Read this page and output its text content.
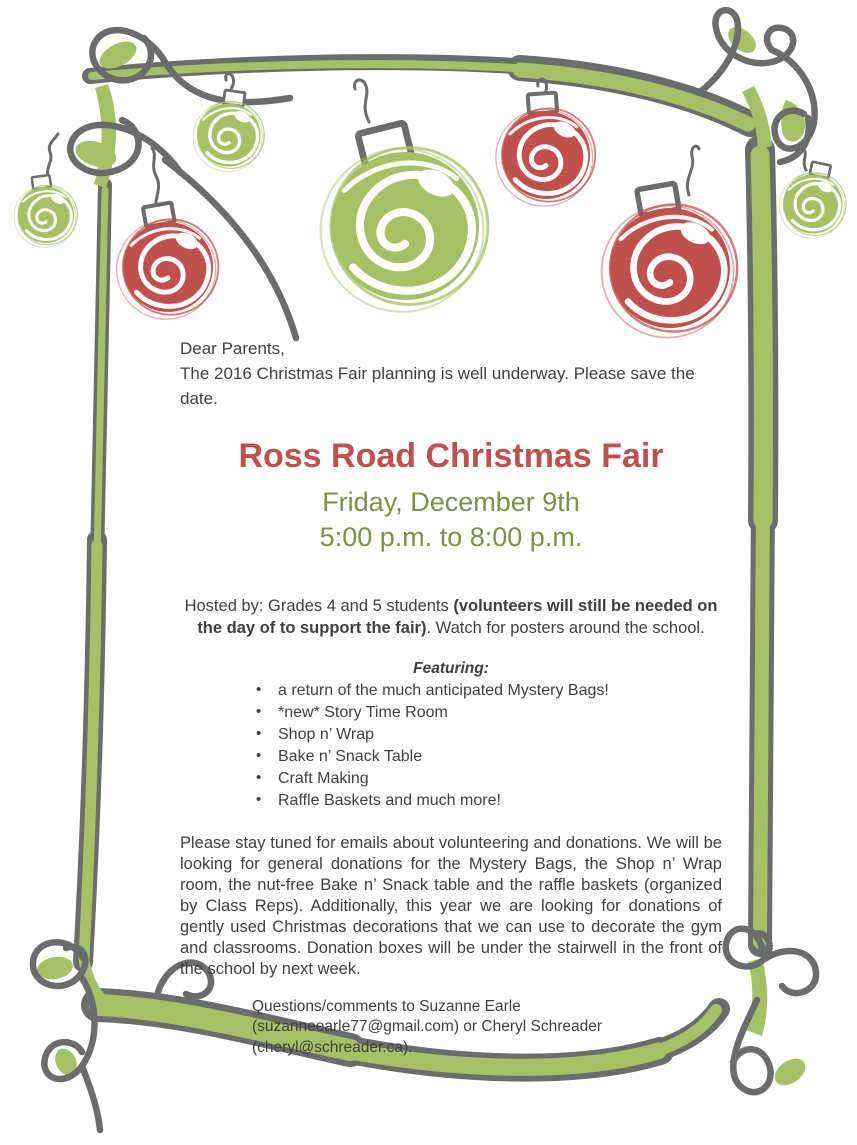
Dear Parents,
The 2016 Christmas Fair planning is well underway. Please save the date.
Ross Road Christmas Fair
Friday, December 9th
5:00 p.m. to 8:00 p.m.

Hosted by: Grades 4 and 5 students (volunteers will still be needed on the day of to support the fair). Watch for posters around the school.

Featuring:
• a return of the much anticipated Mystery Bags!
• *new* Story Time Room
• Shop n’ Wrap
• Bake n’ Snack Table
• Craft Making
• Raffle Baskets and much more!

Please stay tuned for emails about volunteering and donations. We will be looking for general donations for the Mystery Bags, the Shop n’ Wrap room, the nut-free Bake n’ Snack table and the raffle baskets (organized by Class Reps). Additionally, this year we are looking for donations of gently used Christmas decorations that we can use to decorate the gym and classrooms. Donation boxes will be under the stairwell in the front of the school by next week.

Questions/comments to Suzanne Earle (suzanneearle77@gmail.com) or Cheryl Schreader (cheryl@schreader.ca).
